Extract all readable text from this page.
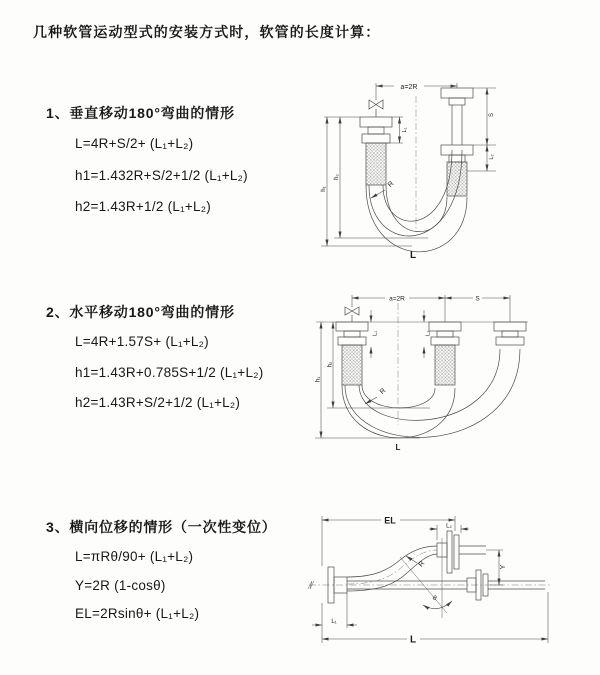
几种软管运动型式的安装方式时，软管的长度计算：
1、垂直移动180°弯曲的情形
L=4R+S/2+ (L₁+L₂)
h1=1.432R+S/2+1/2 (L₁+L₂)
h2=1.43R+1/2 (L₁+L₂)
a=2R
L₁
S
L₂
h₂
h₁
R
L
2、水平移动180°弯曲的情形
L=4R+1.57S+ (L₁+L₂)
h1=1.43R+0.785S+1/2 (L₁+L₂)
h2=1.43R+S/2+1/2 (L₁+L₂)
a=2R	S
L₁	L₂
h₂
h₁
R
L
3、横向位移的情形（一次性变位）
L=πRθ/90+ (L₁+L₂)
Y=2R (1-cosθ)
EL=2Rsinθ+ (L₁+L₂)
EL
L₂
Y
θ
R
L₁
L
